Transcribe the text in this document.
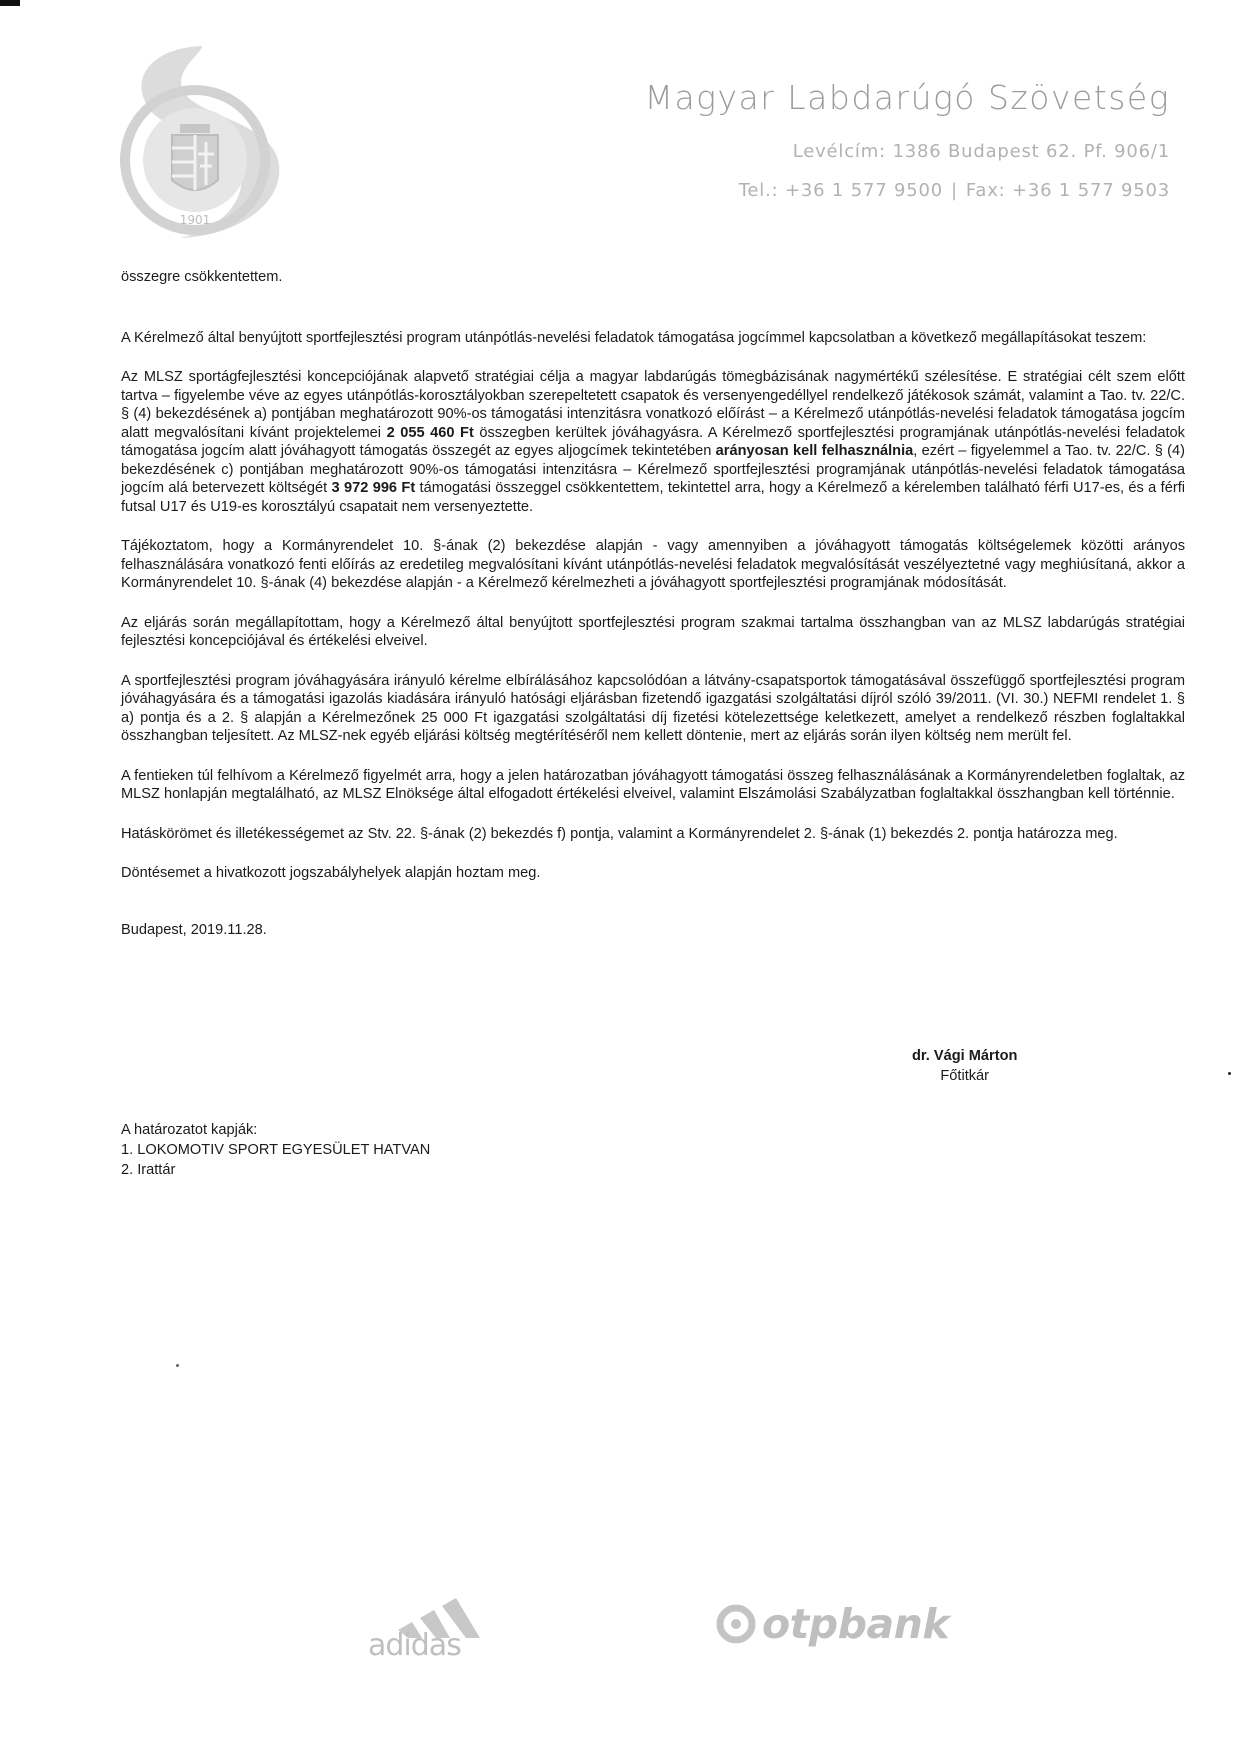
1901
Magyar Labdarúgó Szövetség
Levélcím: 1386 Budapest 62. Pf. 906/1
Tel.: +36 1 577 9500 | Fax: +36 1 577 9503

összegre csökkentettem.

A Kérelmező által benyújtott sportfejlesztési program utánpótlás-nevelési feladatok támogatása jogcímmel kapcsolatban a következő megállapításokat teszem:

Az MLSZ sportágfejlesztési koncepciójának alapvető stratégiai célja a magyar labdarúgás tömegbázisának nagymértékű szélesítése. E stratégiai célt szem előtt tartva – figyelembe véve az egyes utánpótlás-korosztályokban szerepeltetett csapatok és versenyengedéllyel rendelkező játékosok számát, valamint a Tao. tv. 22/C. § (4) bekezdésének a) pontjában meghatározott 90%-os támogatási intenzitásra vonatkozó előírást – a Kérelmező utánpótlás-nevelési feladatok támogatása jogcím alatt megvalósítani kívánt projektelemei 2 055 460 Ft összegben kerültek jóváhagyásra. A Kérelmező sportfejlesztési programjának utánpótlás-nevelési feladatok támogatása jogcím alatt jóváhagyott támogatás összegét az egyes aljogcímek tekintetében arányosan kell felhasználnia, ezért – figyelemmel a Tao. tv. 22/C. § (4) bekezdésének c) pontjában meghatározott 90%-os támogatási intenzitásra – Kérelmező sportfejlesztési programjának utánpótlás-nevelési feladatok támogatása jogcím alá betervezett költségét 3 972 996 Ft támogatási összeggel csökkentettem, tekintettel arra, hogy a Kérelmező a kérelemben található férfi U17-es, és a férfi futsal U17 és U19-es korosztályú csapatait nem versenyeztette.

Tájékoztatom, hogy a Kormányrendelet 10. §-ának (2) bekezdése alapján - vagy amennyiben a jóváhagyott támogatás költségelemek közötti arányos felhasználására vonatkozó fenti előírás az eredetileg megvalósítani kívánt utánpótlás-nevelési feladatok megvalósítását veszélyeztetné vagy meghiúsítaná, akkor a Kormányrendelet 10. §-ának (4) bekezdése alapján - a Kérelmező kérelmezheti a jóváhagyott sportfejlesztési programjának módosítását.

Az eljárás során megállapítottam, hogy a Kérelmező által benyújtott sportfejlesztési program szakmai tartalma összhangban van az MLSZ labdarúgás stratégiai fejlesztési koncepciójával és értékelési elveivel.

A sportfejlesztési program jóváhagyására irányuló kérelme elbírálásához kapcsolódóan a látvány-csapatsportok támogatásával összefüggő sportfejlesztési program jóváhagyására és a támogatási igazolás kiadására irányuló hatósági eljárásban fizetendő igazgatási szolgáltatási díjról szóló 39/2011. (VI. 30.) NEFMI rendelet 1. § a) pontja és a 2. § alapján a Kérelmezőnek 25 000 Ft igazgatási szolgáltatási díj fizetési kötelezettsége keletkezett, amelyet a rendelkező részben foglaltakkal összhangban teljesített. Az MLSZ-nek egyéb eljárási költség megtérítéséről nem kellett döntenie, mert az eljárás során ilyen költség nem merült fel.

A fentieken túl felhívom a Kérelmező figyelmét arra, hogy a jelen határozatban jóváhagyott támogatási összeg felhasználásának a Kormányrendeletben foglaltak, az MLSZ honlapján megtalálható, az MLSZ Elnöksége által elfogadott értékelési elveivel, valamint Elszámolási Szabályzatban foglaltakkal összhangban kell történnie.

Hatáskörömet és illetékességemet az Stv. 22. §-ának (2) bekezdés f) pontja, valamint a Kormányrendelet 2. §-ának (1) bekezdés 2. pontja határozza meg.

Döntésemet a hivatkozott jogszabályhelyek alapján hoztam meg.

Budapest, 2019.11.28.

dr. Vági Márton
Főtitkár
A határozatot kapják:
1. LOKOMOTIV SPORT EGYESÜLET HATVAN
2. Irattár
adidas	otpbank
